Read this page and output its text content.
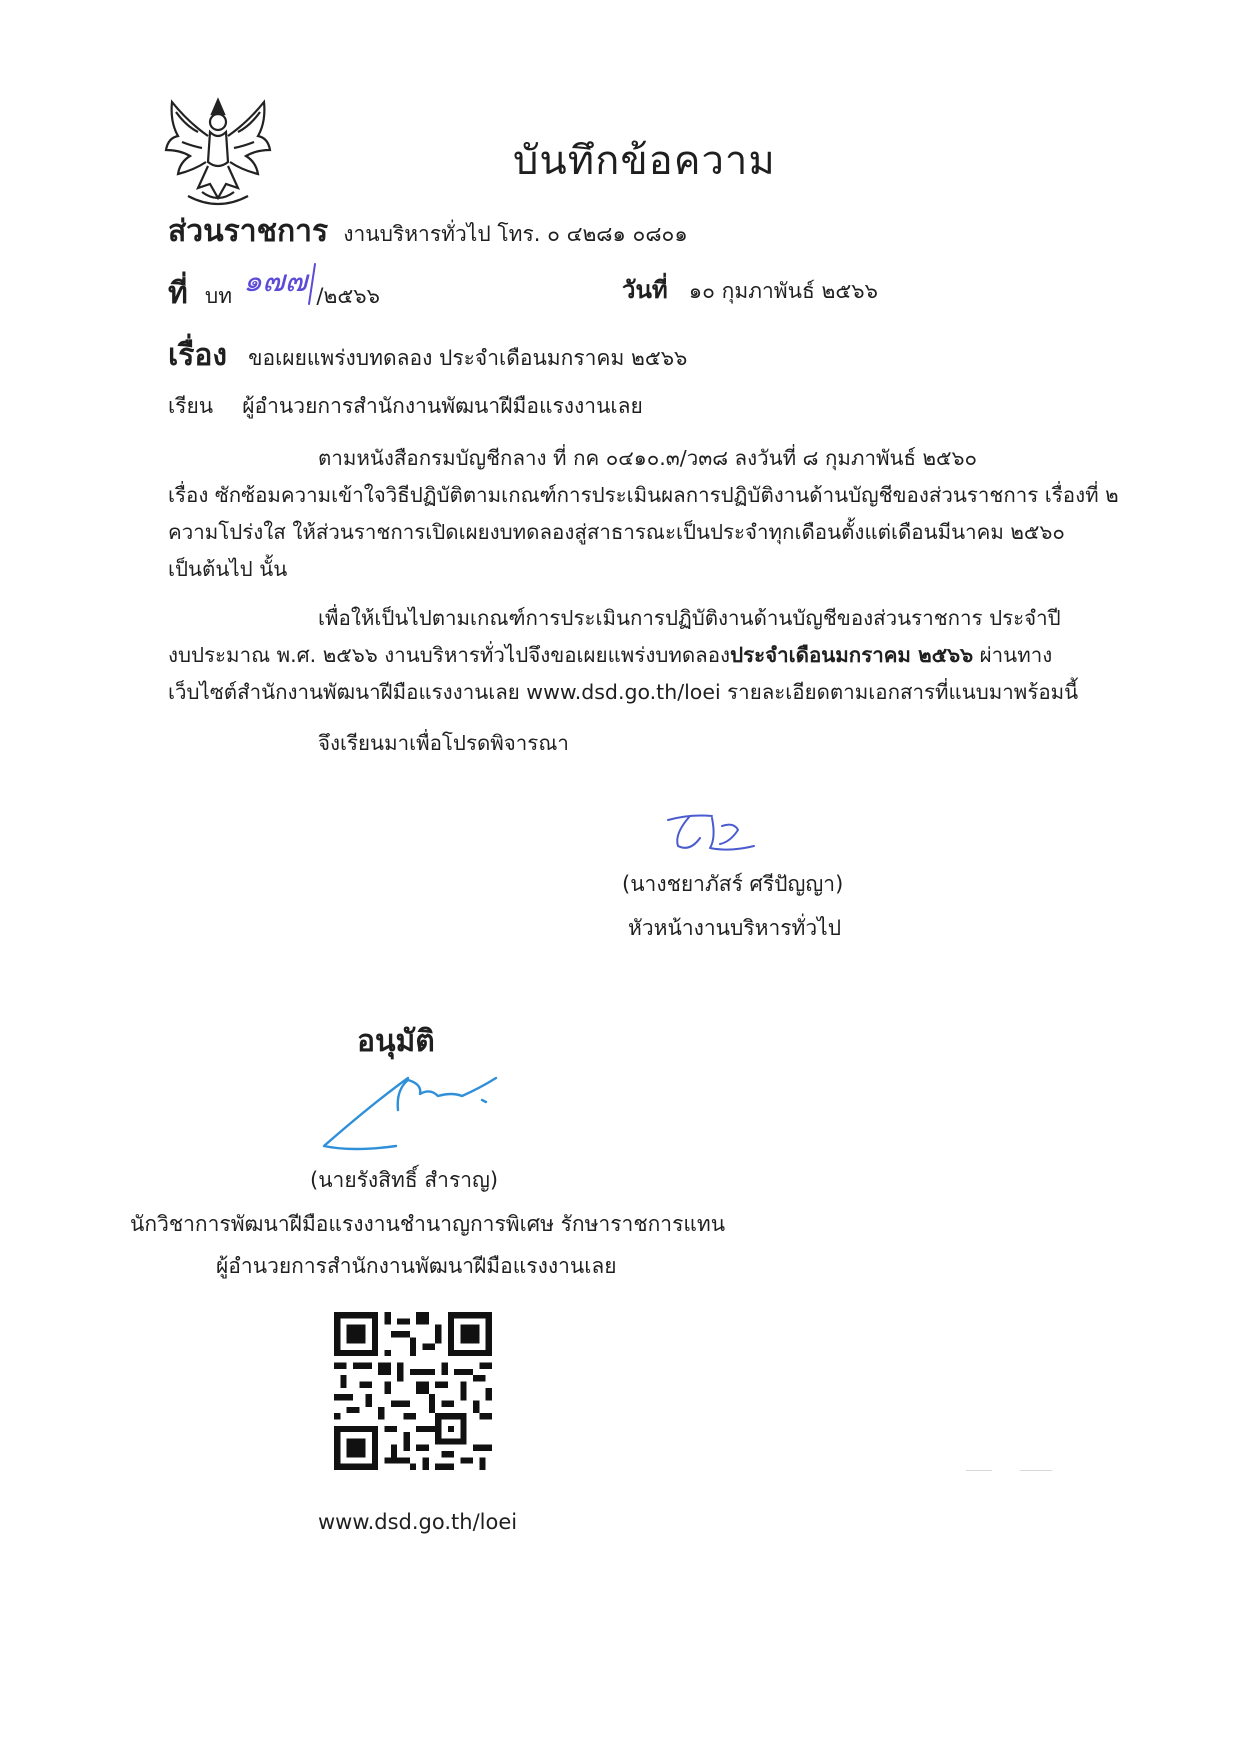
บันทึกข้อความ
ส่วนราชการ งานบริหารทั่วไป โทร. ๐ ๔๒๘๑ ๐๘๐๑
ที่ บท ๑๗๗ /๒๕๖๖	วันที่ ๑๐ กุมภาพันธ์ ๒๕๖๖
เรื่อง ขอเผยแพร่งบทดลอง ประจำเดือนมกราคม ๒๕๖๖
เรียน ผู้อำนวยการสำนักงานพัฒนาฝีมือแรงงานเลย
ตามหนังสือกรมบัญชีกลาง ที่ กค ๐๔๑๐.๓/ว๓๘ ลงวันที่ ๘ กุมภาพันธ์ ๒๕๖๐
เรื่อง ซักซ้อมความเข้าใจวิธีปฏิบัติตามเกณฑ์การประเมินผลการปฏิบัติงานด้านบัญชีของส่วนราชการ เรื่องที่ ๒
ความโปร่งใส ให้ส่วนราชการเปิดเผยงบทดลองสู่สาธารณะเป็นประจำทุกเดือนตั้งแต่เดือนมีนาคม ๒๕๖๐
เป็นต้นไป นั้น
เพื่อให้เป็นไปตามเกณฑ์การประเมินการปฏิบัติงานด้านบัญชีของส่วนราชการ ประจำปี
งบประมาณ พ.ศ. ๒๕๖๖ งานบริหารทั่วไปจึงขอเผยแพร่งบทดลองประจำเดือนมกราคม ๒๕๖๖ ผ่านทาง
เว็บไซต์สำนักงานพัฒนาฝีมือแรงงานเลย www.dsd.go.th/loei รายละเอียดตามเอกสารที่แนบมาพร้อมนี้
จึงเรียนมาเพื่อโปรดพิจารณา
(นางชยาภัสร์ ศรีปัญญา)
หัวหน้างานบริหารทั่วไป
อนุมัติ
(นายรังสิทธิ์ สำราญ)
นักวิชาการพัฒนาฝีมือแรงงานชำนาญการพิเศษ รักษาราชการแทน
ผู้อำนวยการสำนักงานพัฒนาฝีมือแรงงานเลย
www.dsd.go.th/loei
